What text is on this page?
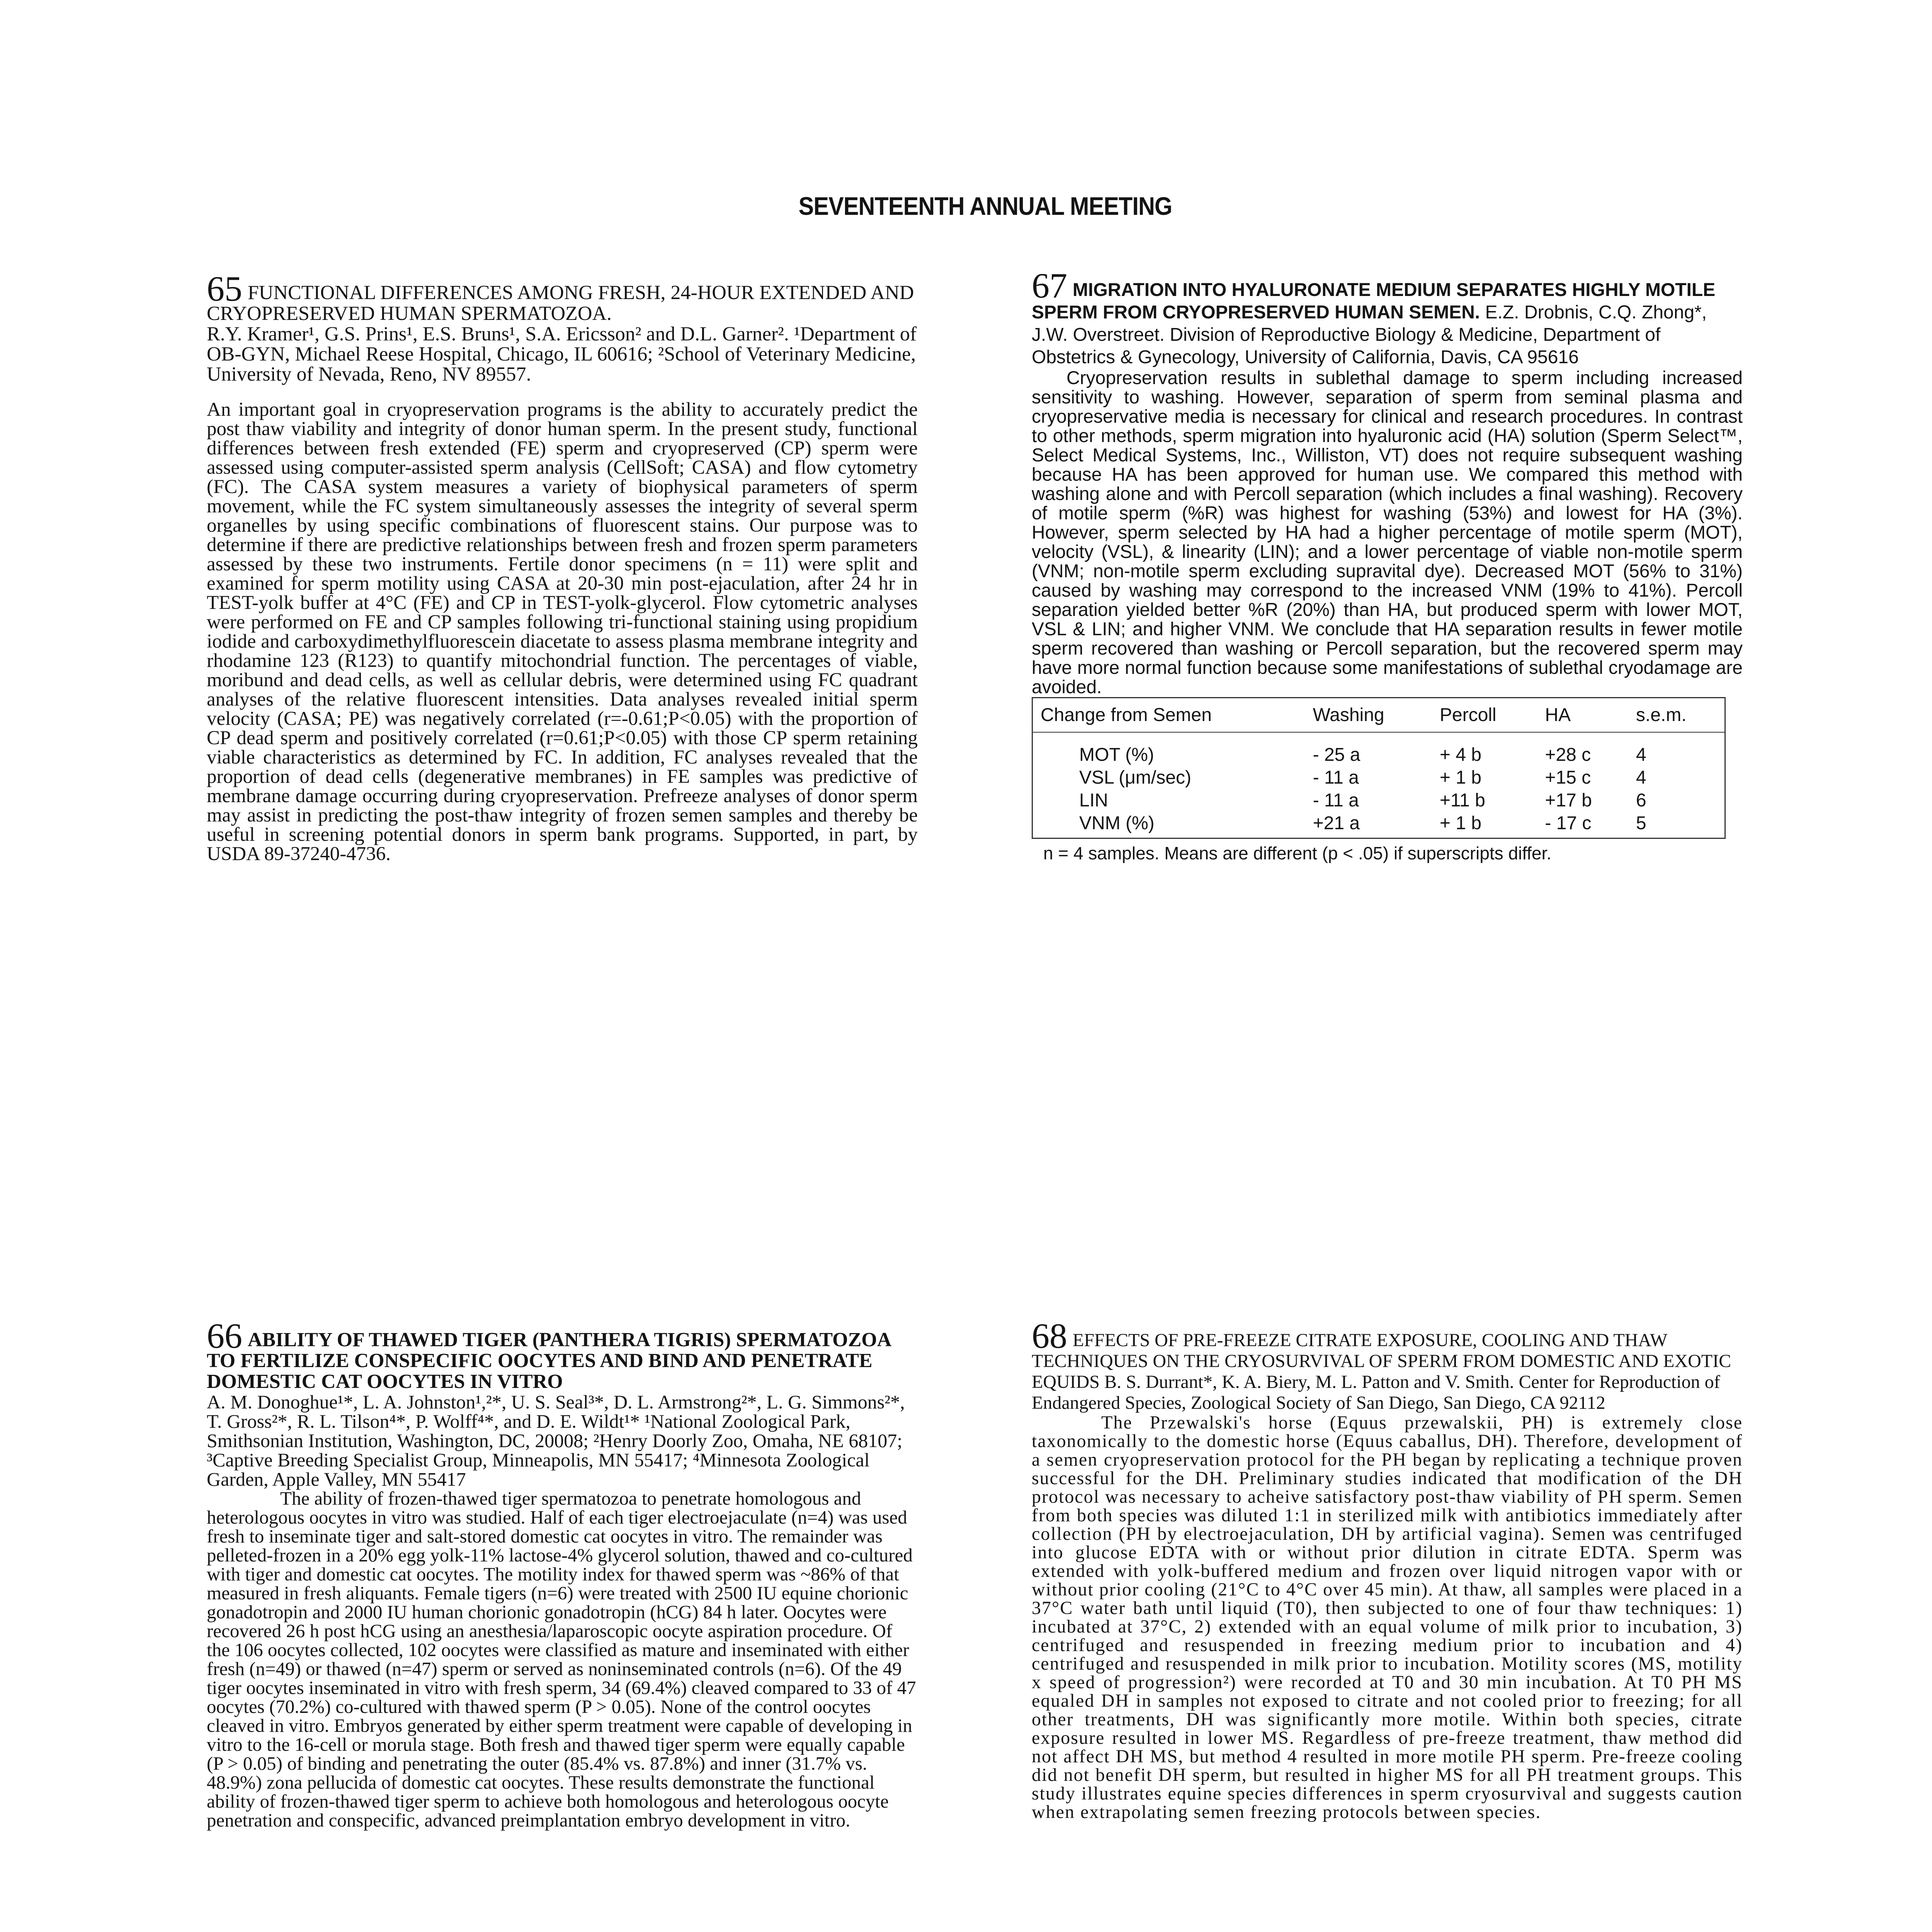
SEVENTEENTH ANNUAL MEETING

65 FUNCTIONAL DIFFERENCES AMONG FRESH, 24-HOUR EXTENDED AND CRYOPRESERVED HUMAN SPERMATOZOA.

R.Y. Kramer¹, G.S. Prins¹, E.S. Bruns¹, S.A. Ericsson² and D.L. Garner². ¹Department of OB-GYN, Michael Reese Hospital, Chicago, IL 60616; ²School of Veterinary Medicine, University of Nevada, Reno, NV 89557.

An important goal in cryopreservation programs is the ability to accurately predict the post thaw viability and integrity of donor human sperm. In the present study, functional differences between fresh extended (FE) sperm and cryopreserved (CP) sperm were assessed using computer-assisted sperm analysis (CellSoft; CASA) and flow cytometry (FC). The CASA system measures a variety of biophysical parameters of sperm movement, while the FC system simultaneously assesses the integrity of several sperm organelles by using specific combinations of fluorescent stains. Our purpose was to determine if there are predictive relationships between fresh and frozen sperm parameters assessed by these two instruments. Fertile donor specimens (n = 11) were split and examined for sperm motility using CASA at 20-30 min post-ejaculation, after 24 hr in TEST-yolk buffer at 4°C (FE) and CP in TEST-yolk-glycerol. Flow cytometric analyses were performed on FE and CP samples following tri-functional staining using propidium iodide and carboxydimethylfluorescein diacetate to assess plasma membrane integrity and rhodamine 123 (R123) to quantify mitochondrial function. The percentages of viable, moribund and dead cells, as well as cellular debris, were determined using FC quadrant analyses of the relative fluorescent intensities. Data analyses revealed initial sperm velocity (CASA; PE) was negatively correlated (r=-0.61;P<0.05) with the proportion of CP dead sperm and positively correlated (r=0.61;P<0.05) with those CP sperm retaining viable characteristics as determined by FC. In addition, FC analyses revealed that the proportion of dead cells (degenerative membranes) in FE samples was predictive of membrane damage occurring during cryopreservation. Prefreeze analyses of donor sperm may assist in predicting the post-thaw integrity of frozen semen samples and thereby be useful in screening potential donors in sperm bank programs. Supported, in part, by USDA 89-37240-4736.

67 MIGRATION INTO HYALURONATE MEDIUM SEPARATES HIGHLY MOTILE SPERM FROM CRYOPRESERVED HUMAN SEMEN. E.Z. Drobnis, C.Q. Zhong*, J.W. Overstreet. Division of Reproductive Biology & Medicine, Department of Obstetrics & Gynecology, University of California, Davis, CA 95616

Cryopreservation results in sublethal damage to sperm including increased sensitivity to washing. However, separation of sperm from seminal plasma and cryopreservative media is necessary for clinical and research procedures. In contrast to other methods, sperm migration into hyaluronic acid (HA) solution (Sperm Select™, Select Medical Systems, Inc., Williston, VT) does not require subsequent washing because HA has been approved for human use. We compared this method with washing alone and with Percoll separation (which includes a final washing). Recovery of motile sperm (%R) was highest for washing (53%) and lowest for HA (3%). However, sperm selected by HA had a higher percentage of motile sperm (MOT), velocity (VSL), & linearity (LIN); and a lower percentage of viable non-motile sperm (VNM; non-motile sperm excluding supravital dye). Decreased MOT (56% to 31%) caused by washing may correspond to the increased VNM (19% to 41%). Percoll separation yielded better %R (20%) than HA, but produced sperm with lower MOT, VSL & LIN; and higher VNM. We conclude that HA separation results in fewer motile sperm recovered than washing or Percoll separation, but the recovered sperm may have more normal function because some manifestations of sublethal cryodamage are avoided.

Change from Semen	Washing	Percoll	HA	s.e.m.
MOT (%)	- 25 a	+ 4 b	+28 c	4
VSL (μm/sec)	- 11 a	+ 1 b	+15 c	4
LIN	- 11 a	+11 b	+17 b	6
VNM (%)	+21 a	+ 1 b	- 17 c	5
n = 4 samples. Means are different (p < .05) if superscripts differ.

66 ABILITY OF THAWED TIGER (PANTHERA TIGRIS) SPERMATOZOA TO FERTILIZE CONSPECIFIC OOCYTES AND BIND AND PENETRATE DOMESTIC CAT OOCYTES IN VITRO

A. M. Donoghue¹*, L. A. Johnston¹,²*, U. S. Seal³*, D. L. Armstrong²*, L. G. Simmons²*, T. Gross²*, R. L. Tilson⁴*, P. Wolff⁴*, and D. E. Wildt¹* ¹National Zoological Park, Smithsonian Institution, Washington, DC, 20008; ²Henry Doorly Zoo, Omaha, NE 68107; ³Captive Breeding Specialist Group, Minneapolis, MN 55417; ⁴Minnesota Zoological Garden, Apple Valley, MN 55417

The ability of frozen-thawed tiger spermatozoa to penetrate homologous and heterologous oocytes in vitro was studied. Half of each tiger electroejaculate (n=4) was used fresh to inseminate tiger and salt-stored domestic cat oocytes in vitro. The remainder was pelleted-frozen in a 20% egg yolk-11% lactose-4% glycerol solution, thawed and co-cultured with tiger and domestic cat oocytes. The motility index for thawed sperm was ~86% of that measured in fresh aliquants. Female tigers (n=6) were treated with 2500 IU equine chorionic gonadotropin and 2000 IU human chorionic gonadotropin (hCG) 84 h later. Oocytes were recovered 26 h post hCG using an anesthesia/laparoscopic oocyte aspiration procedure. Of the 106 oocytes collected, 102 oocytes were classified as mature and inseminated with either fresh (n=49) or thawed (n=47) sperm or served as noninseminated controls (n=6). Of the 49 tiger oocytes inseminated in vitro with fresh sperm, 34 (69.4%) cleaved compared to 33 of 47 oocytes (70.2%) co-cultured with thawed sperm (P > 0.05). None of the control oocytes cleaved in vitro. Embryos generated by either sperm treatment were capable of developing in vitro to the 16-cell or morula stage. Both fresh and thawed tiger sperm were equally capable (P > 0.05) of binding and penetrating the outer (85.4% vs. 87.8%) and inner (31.7% vs. 48.9%) zona pellucida of domestic cat oocytes. These results demonstrate the functional ability of frozen-thawed tiger sperm to achieve both homologous and heterologous oocyte penetration and conspecific, advanced preimplantation embryo development in vitro.

68 EFFECTS OF PRE-FREEZE CITRATE EXPOSURE, COOLING AND THAW TECHNIQUES ON THE CRYOSURVIVAL OF SPERM FROM DOMESTIC AND EXOTIC EQUIDS B. S. Durrant*, K. A. Biery, M. L. Patton and V. Smith. Center for Reproduction of Endangered Species, Zoological Society of San Diego, San Diego, CA 92112

The Przewalski's horse (Equus przewalskii, PH) is extremely close taxonomically to the domestic horse (Equus caballus, DH). Therefore, development of a semen cryopreservation protocol for the PH began by replicating a technique proven successful for the DH. Preliminary studies indicated that modification of the DH protocol was necessary to acheive satisfactory post-thaw viability of PH sperm. Semen from both species was diluted 1:1 in sterilized milk with antibiotics immediately after collection (PH by electroejaculation, DH by artificial vagina). Semen was centrifuged into glucose EDTA with or without prior dilution in citrate EDTA. Sperm was extended with yolk-buffered medium and frozen over liquid nitrogen vapor with or without prior cooling (21°C to 4°C over 45 min). At thaw, all samples were placed in a 37°C water bath until liquid (T0), then subjected to one of four thaw techniques: 1) incubated at 37°C, 2) extended with an equal volume of milk prior to incubation, 3) centrifuged and resuspended in freezing medium prior to incubation and 4) centrifuged and resuspended in milk prior to incubation. Motility scores (MS, motility x speed of progression²) were recorded at T0 and 30 min incubation. At T0 PH MS equaled DH in samples not exposed to citrate and not cooled prior to freezing; for all other treatments, DH was significantly more motile. Within both species, citrate exposure resulted in lower MS. Regardless of pre-freeze treatment, thaw method did not affect DH MS, but method 4 resulted in more motile PH sperm. Pre-freeze cooling did not benefit DH sperm, but resulted in higher MS for all PH treatment groups. This study illustrates equine species differences in sperm cryosurvival and suggests caution when extrapolating semen freezing protocols between species.
